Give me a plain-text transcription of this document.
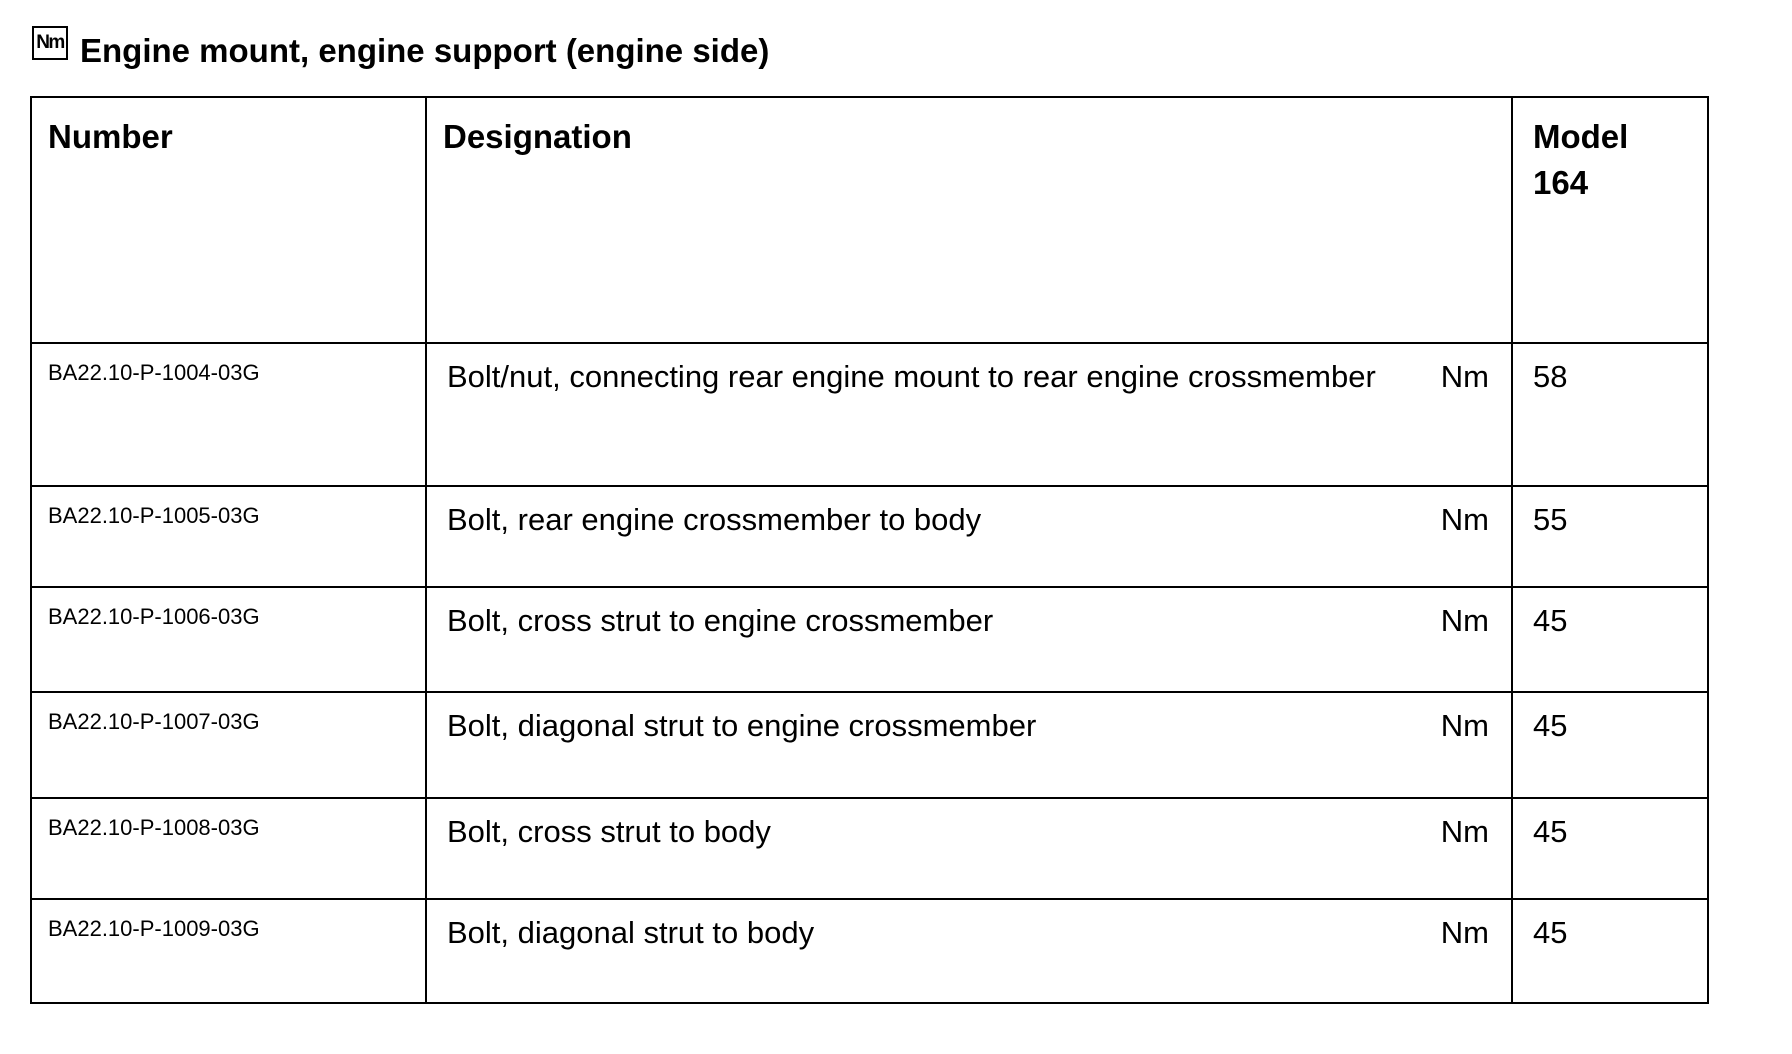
Nm Engine mount, engine support (engine side)
Number	Designation	Model
164
BA22.10-P-1004-03G	Bolt/nut, connecting rear engine mount to rear engine crossmember Nm	58
BA22.10-P-1005-03G	Bolt, rear engine crossmember to body Nm	55
BA22.10-P-1006-03G	Bolt, cross strut to engine crossmember Nm	45
BA22.10-P-1007-03G	Bolt, diagonal strut to engine crossmember Nm	45
BA22.10-P-1008-03G	Bolt, cross strut to body Nm	45
BA22.10-P-1009-03G	Bolt, diagonal strut to body Nm	45
